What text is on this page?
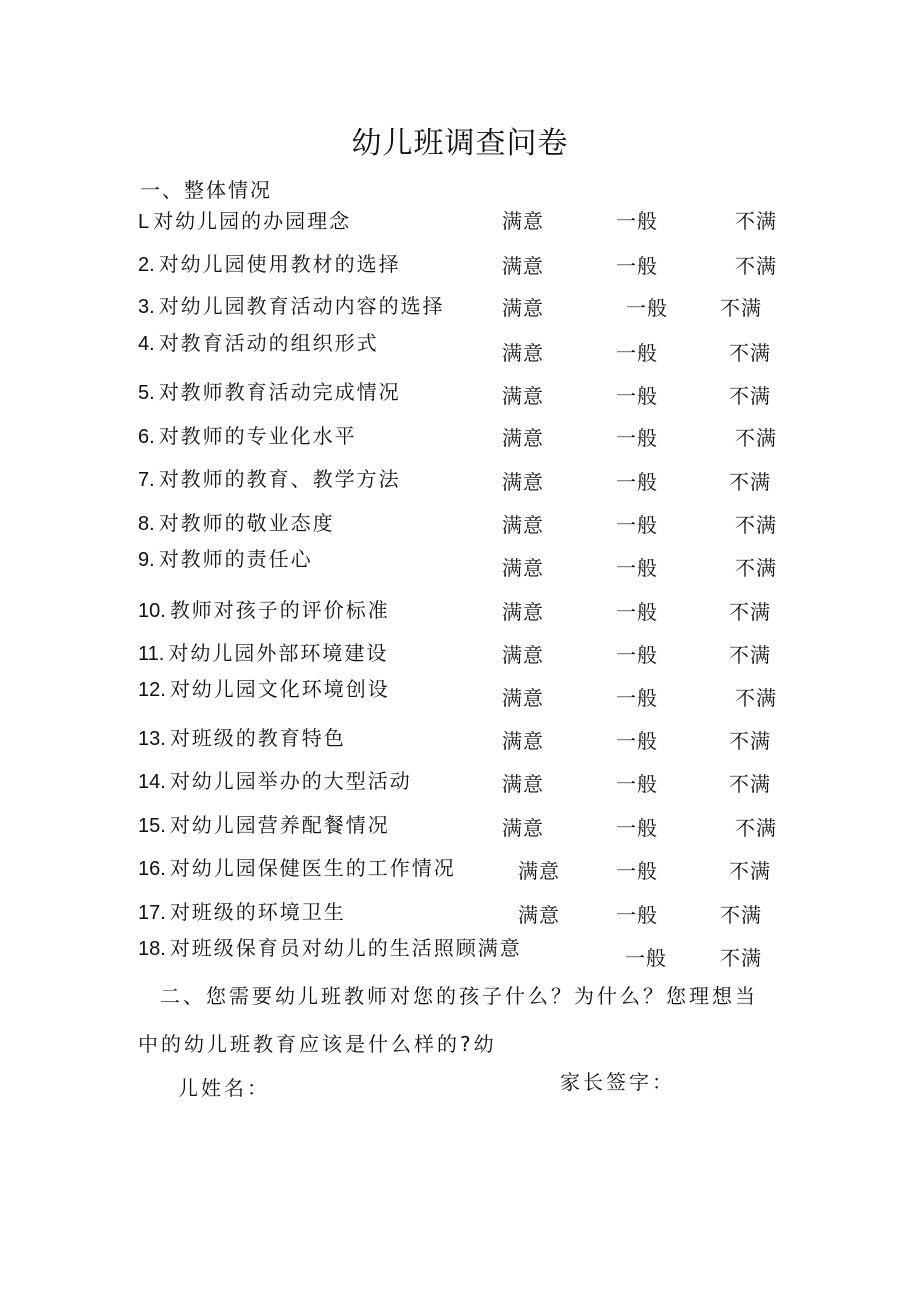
幼儿班调查问卷
一、整体情况
L 对幼儿园的办园理念	满意	一般	不满
2. 对幼儿园使用教材的选择	满意	一般	不满
3. 对幼儿园教育活动内容的选择	满意	一般	不满
4. 对教育活动的组织形式	满意	一般	不满
5. 对教师教育活动完成情况	满意	一般	不满
6. 对教师的专业化水平	满意	一般	不满
7. 对教师的教育、教学方法	满意	一般	不满
8. 对教师的敬业态度	满意	一般	不满
9. 对教师的责任心	满意	一般	不满
10. 教师对孩子的评价标准	满意	一般	不满
11. 对幼儿园外部环境建设	满意	一般	不满
12. 对幼儿园文化环境创设	满意	一般	不满
13. 对班级的教育特色	满意	一般	不满
14. 对幼儿园举办的大型活动	满意	一般	不满
15. 对幼儿园营养配餐情况	满意	一般	不满
16. 对幼儿园保健医生的工作情况	满意	一般	不满
17. 对班级的环境卫生	满意	一般	不满
18. 对班级保育员对幼儿的生活照顾满意	一般	不满
二、您需要幼儿班教师对您的孩子什么？为什么？您理想当
中的幼儿班教育应该是什么样的?幼
儿姓名：	家长签字：
